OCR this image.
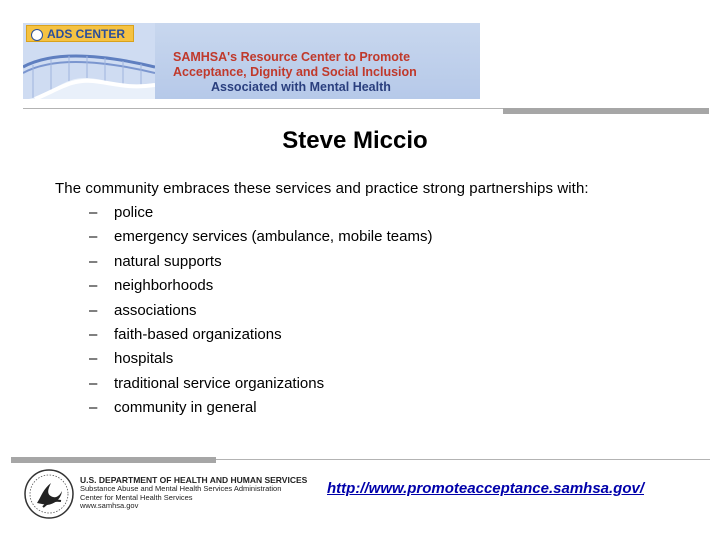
ADS CENTER
SAMHSA's Resource Center to Promote
Acceptance, Dignity and Social Inclusion
Associated with Mental Health
Steve Miccio
The community embraces these services and practice strong partnerships with:
–	police
–	emergency services (ambulance, mobile teams)
–	natural supports
–	neighborhoods
–	associations
–	faith-based organizations
–	hospitals
–	traditional service organizations
–	community in general
U.S. DEPARTMENT OF HEALTH AND HUMAN SERVICES
Substance Abuse and Mental Health Services Administration
Center for Mental Health Services
www.samhsa.gov
http://www.promoteacceptance.samhsa.gov/
